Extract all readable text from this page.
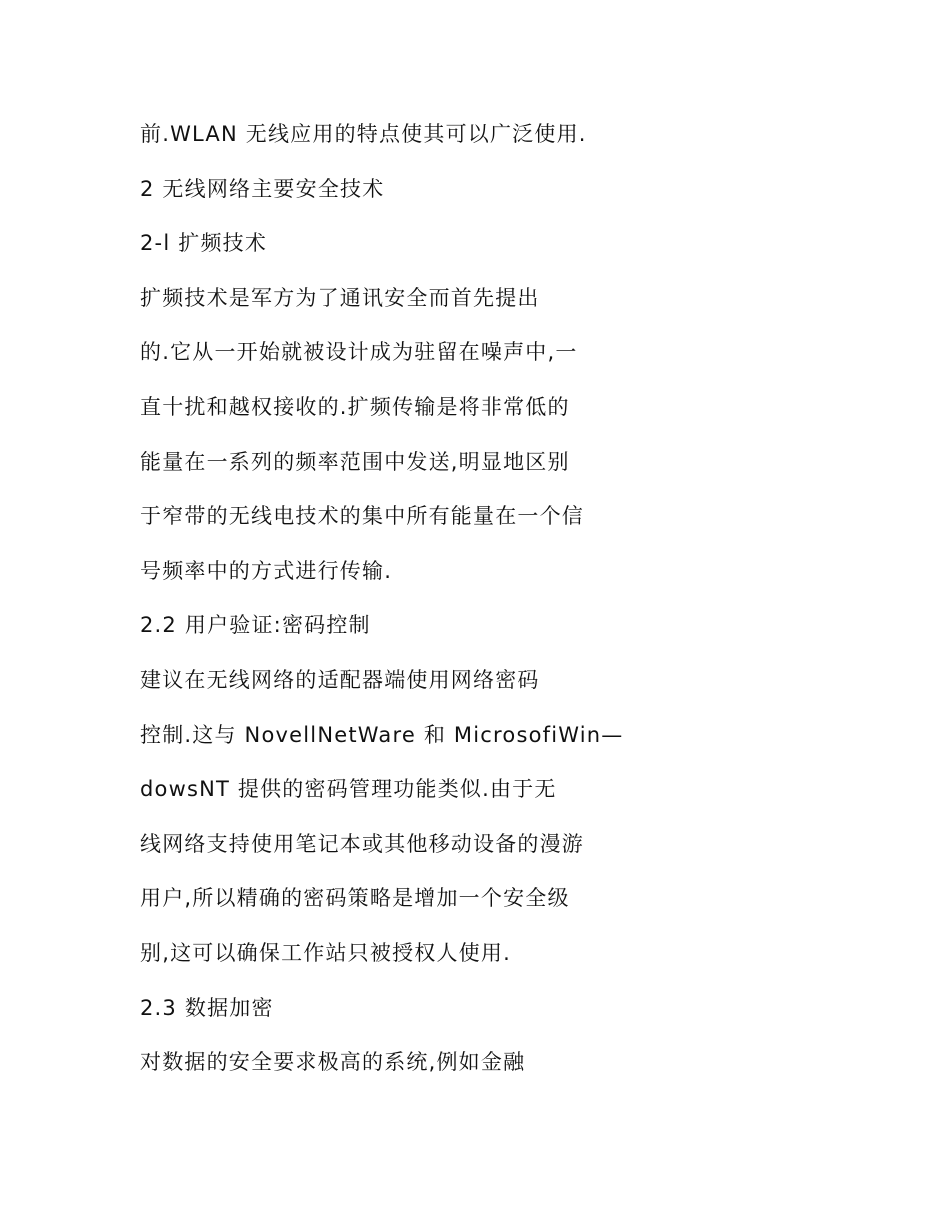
前.WLAN 无线应用的特点使其可以广泛使用.
2 无线网络主要安全技术
2-l 扩频技术
扩频技术是军方为了通讯安全而首先提出
的.它从一开始就被设计成为驻留在噪声中,一
直十扰和越权接收的.扩频传输是将非常低的
能量在一系列的频率范围中发送,明显地区别
于窄带的无线电技术的集中所有能量在一个信
号频率中的方式进行传输.
2.2 用户验证:密码控制
建议在无线网络的适配器端使用网络密码
控制.这与 NovellNetWare 和 MicrosofiWin—
dowsNT 提供的密码管理功能类似.由于无
线网络支持使用笔记本或其他移动设备的漫游
用户,所以精确的密码策略是增加一个安全级
别,这可以确保工作站只被授权人使用.
2.3 数据加密
对数据的安全要求极高的系统,例如金融
